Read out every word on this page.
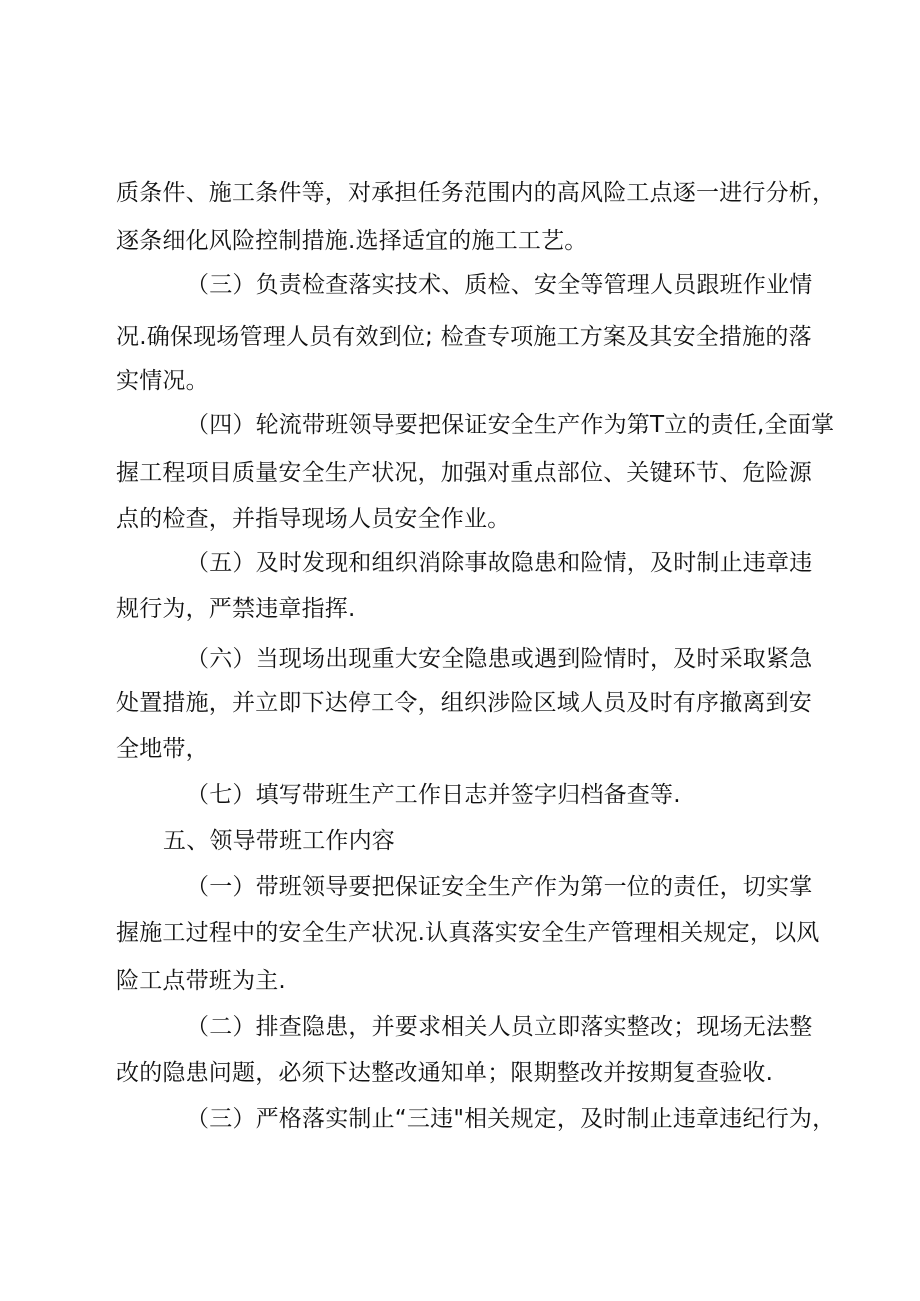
质条件、施工条件等，对承担任务范围内的高风险工点逐一进行分析，
逐条细化风险控制措施.选择适宜的施工工艺。
（三）负责检查落实技术、质检、安全等管理人员跟班作业情
况.确保现场管理人员有效到位; 检查专项施工方案及其安全措施的落
实情况。
（四）轮流带班领导要把保证安全生产作为第T立的责任,全面掌
握工程项目质量安全生产状况，加强对重点部位、关键环节、危险源
点的检查，并指导现场人员安全作业。
（五）及时发现和组织消除事故隐患和险情，及时制止违章违
规行为，严禁违章指挥.
（六）当现场出现重大安全隐患或遇到险情时，及时采取紧急
处置措施，并立即下达停工令，组织涉险区域人员及时有序撤离到安
全地带，
（七）填写带班生产工作日志并签字归档备查等.
五、领导带班工作内容
（一）带班领导要把保证安全生产作为第一位的责任，切实掌
握施工过程中的安全生产状况.认真落实安全生产管理相关规定，以风
险工点带班为主.
（二）排查隐患，并要求相关人员立即落实整改；现场无法整
改的隐患问题，必须下达整改通知单；限期整改并按期复查验收.
（三）严格落实制止“三违"相关规定，及时制止违章违纪行为，
